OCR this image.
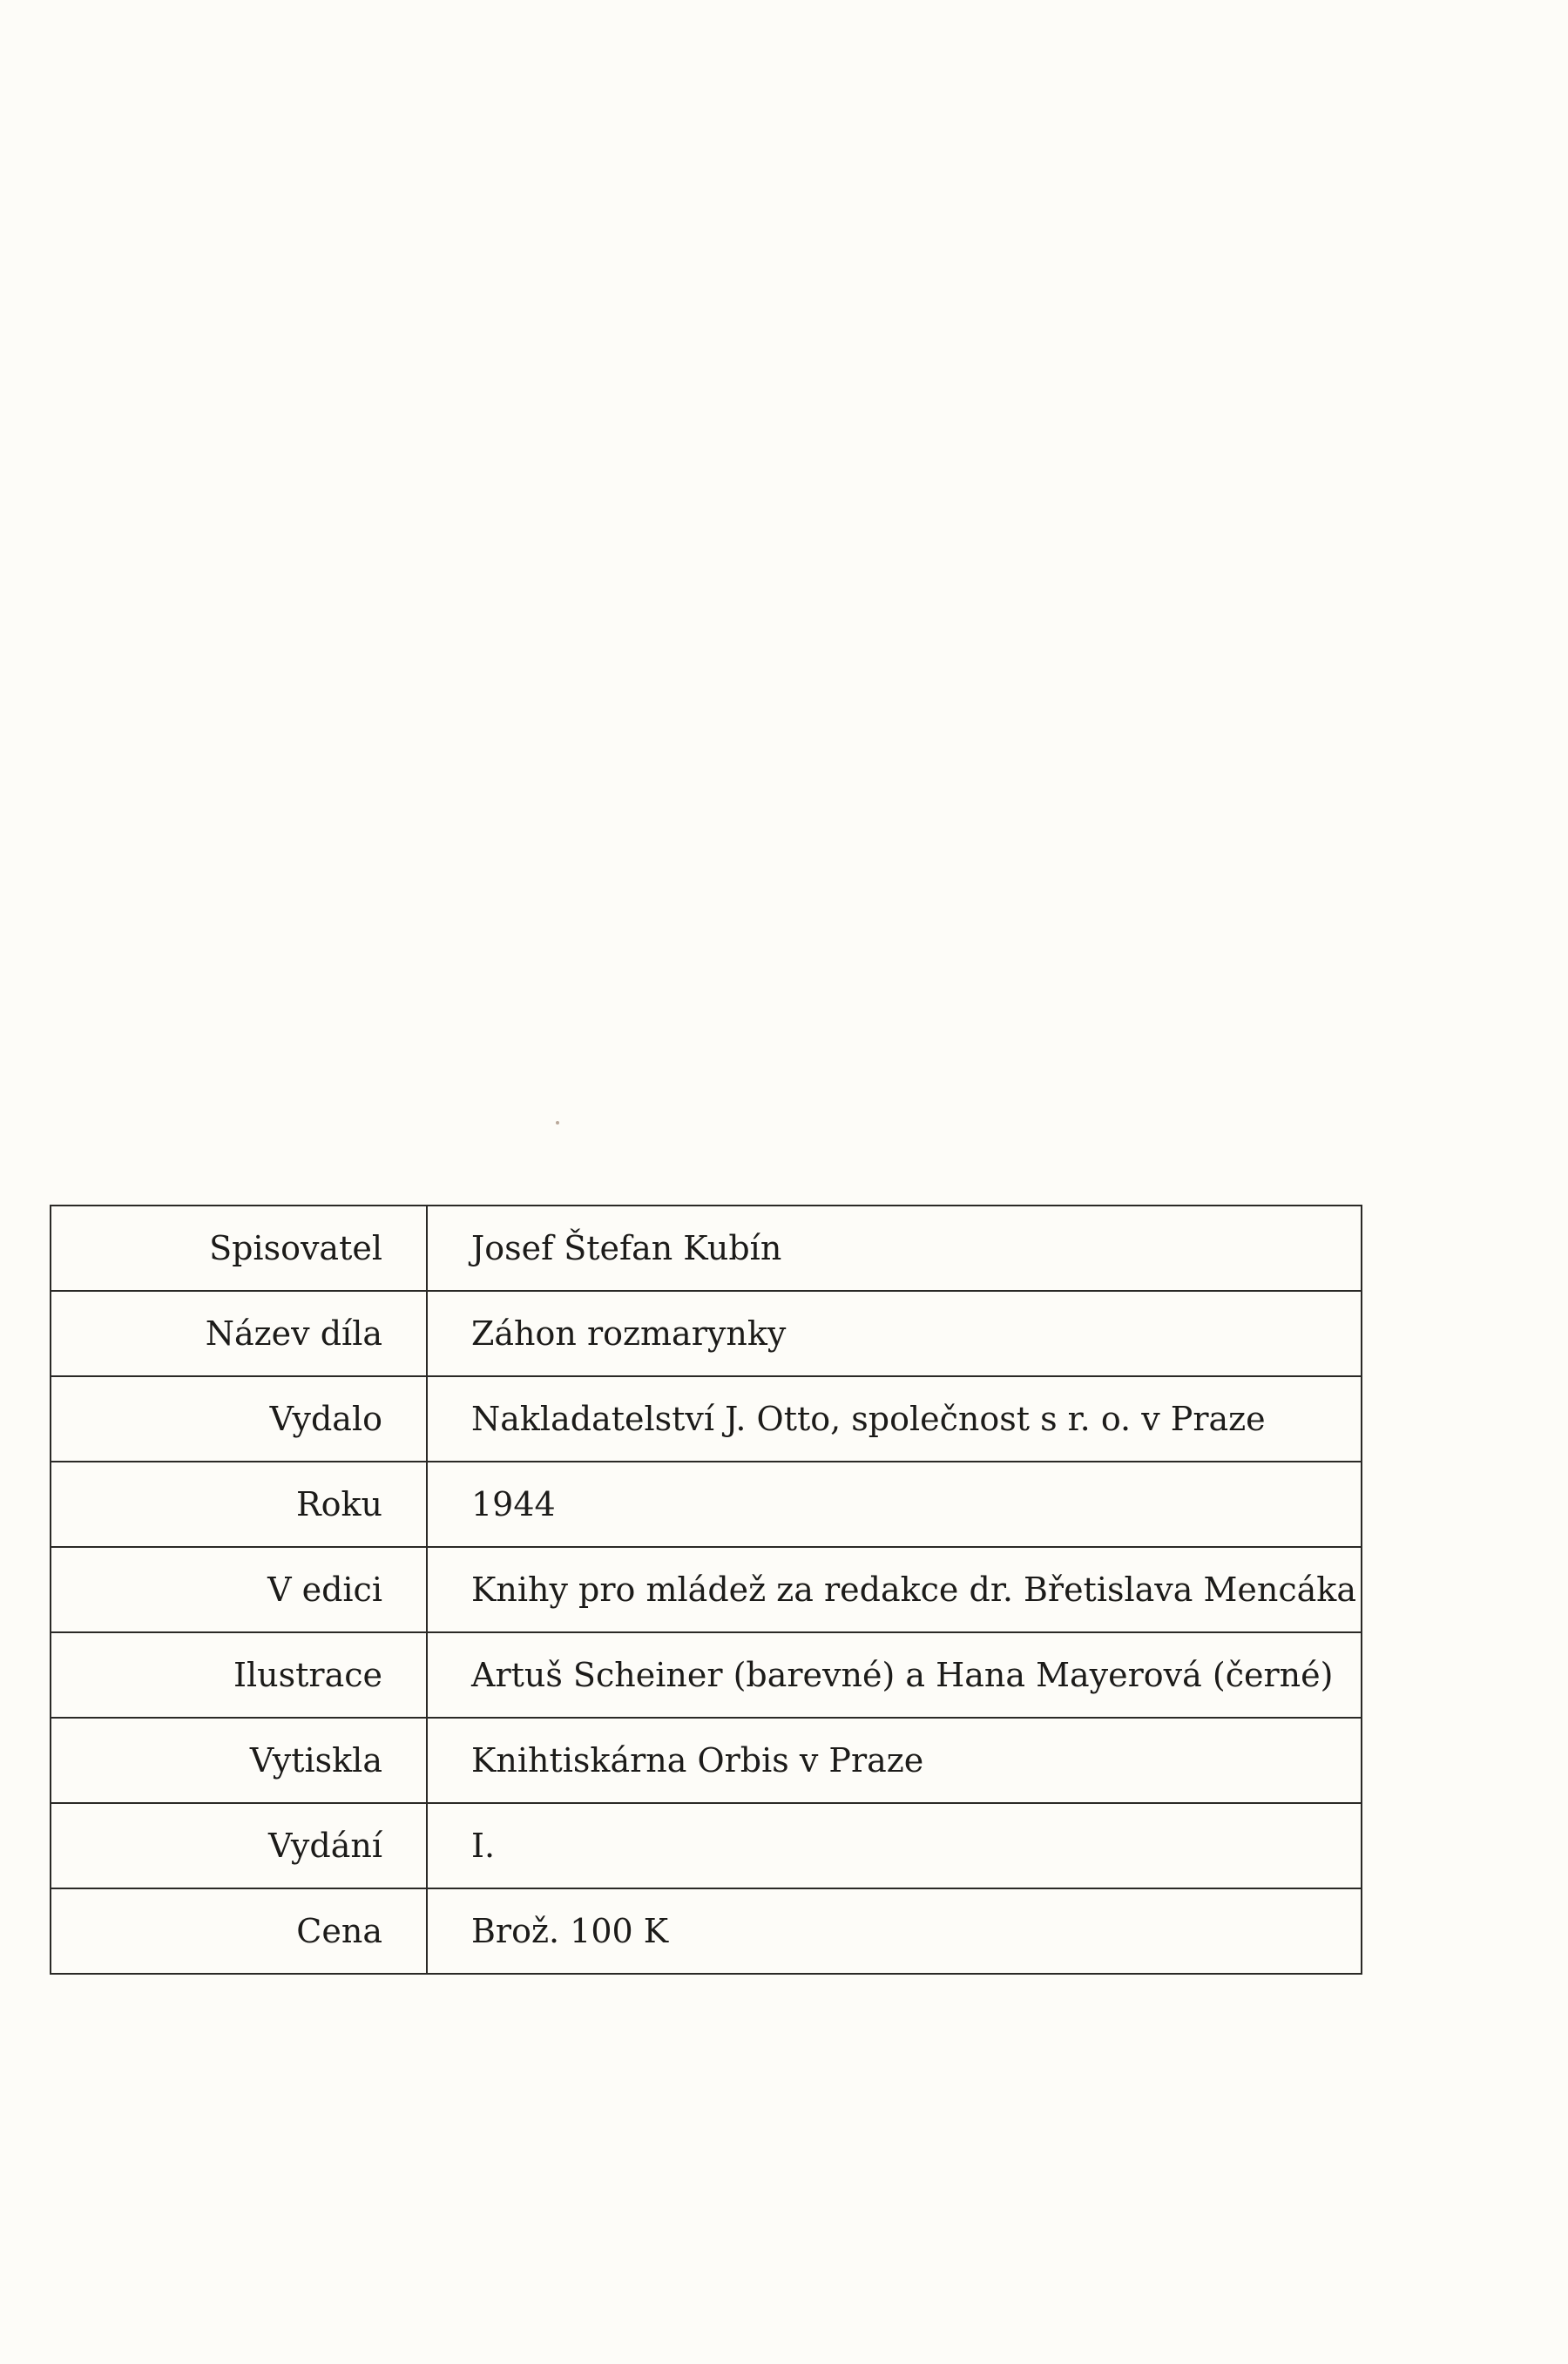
Spisovatel	Josef Štefan Kubín
Název díla	Záhon rozmarynky
Vydalo	Nakladatelství J. Otto, společnost s r. o. v Praze
Roku	1944
V edici	Knihy pro mládež za redakce dr. Břetislava Mencáka
Ilustrace	Artuš Scheiner (barevné) a Hana Mayerová (černé)
Vytiskla	Knihtiskárna Orbis v Praze
Vydání	I.
Cena	Brož. 100 K
